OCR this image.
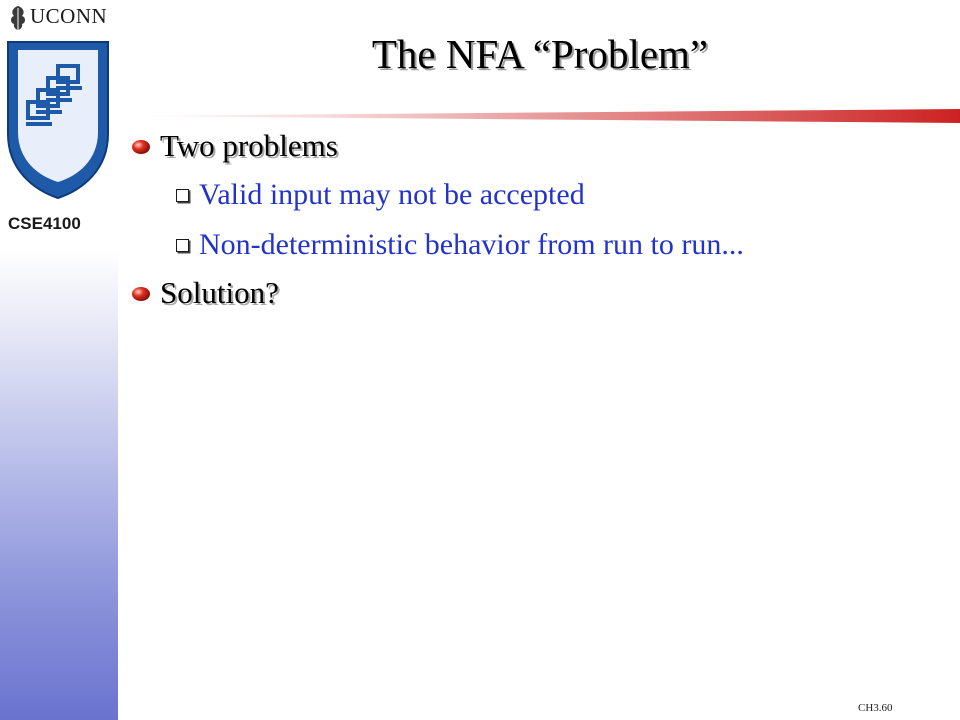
UCONN
CSE4100
The NFA “Problem”
Two problems
Valid input may not be accepted
Non-deterministic behavior from run to run...
Solution?
CH3.60
